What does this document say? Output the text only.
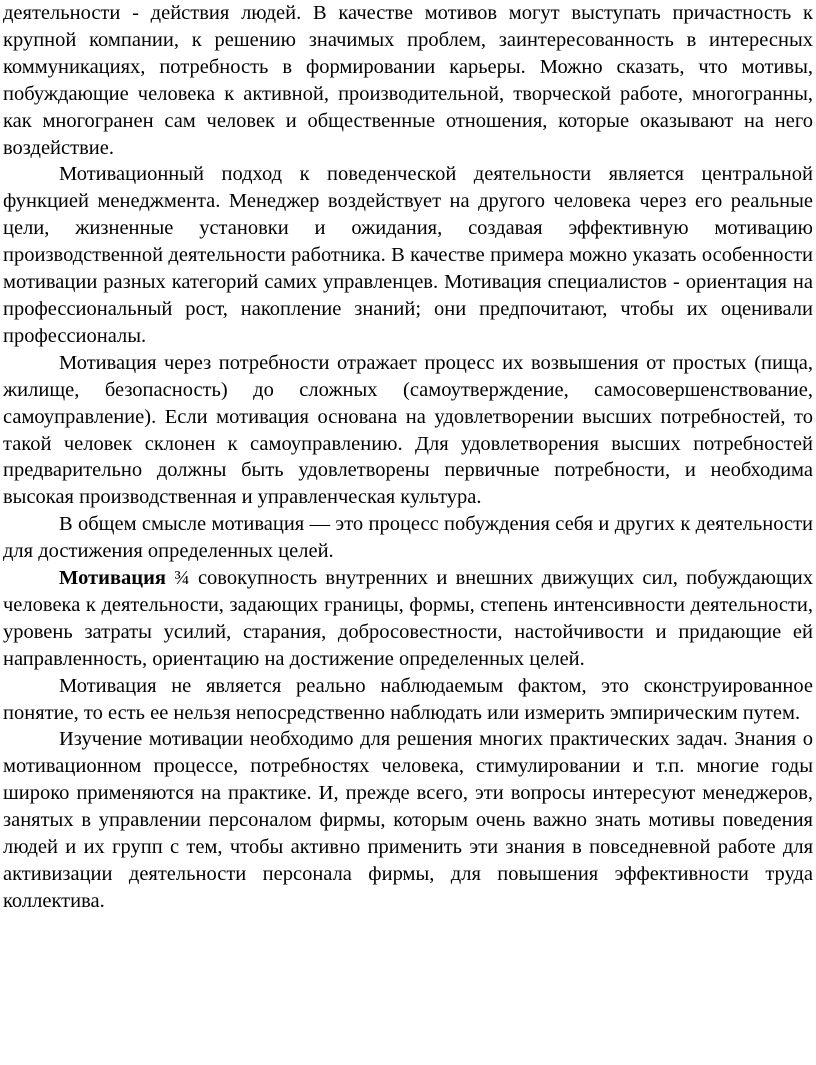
деятельности - действия людей. В качестве мотивов могут выступать причастность к крупной компании, к решению значимых проблем, заинтересованность в интересных коммуникациях, потребность в формировании карьеры. Можно сказать, что мотивы, побуждающие человека к активной, производительной, творческой работе, многогранны, как многогранен сам человек и общественные отношения, которые оказывают на него воздействие.

Мотивационный подход к поведенческой деятельности является центральной функцией менеджмента. Менеджер воздействует на другого человека через его реальные цели, жизненные установки и ожидания, создавая эффективную мотивацию производственной деятельности работника. В качестве примера можно указать особенности мотивации разных категорий самих управленцев. Мотивация специалистов - ориентация на профессиональный рост, накопление знаний; они предпочитают, чтобы их оценивали профессионалы.

Мотивация через потребности отражает процесс их возвышения от простых (пища, жилище, безопасность) до сложных (самоутверждение, самосовершенствование, самоуправление). Если мотивация основана на удовлетворении высших потребностей, то такой человек склонен к самоуправлению. Для удовлетворения высших потребностей предварительно должны быть удовлетворены первичные потребности, и необходима высокая производственная и управленческая культура.

В общем смысле мотивация — это процесс побуждения себя и других к деятельности для достижения определенных целей.

Мотивация ¾ совокупность внутренних и внешних движущих сил, побуждающих человека к деятельности, задающих границы, формы, степень интенсивности деятельности, уровень затраты усилий, старания, добросовестности, настойчивости и придающие ей направленность, ориентацию на достижение определенных целей.

Мотивация не является реально наблюдаемым фактом, это сконструированное понятие, то есть ее нельзя непосредственно наблюдать или измерить эмпирическим путем.

Изучение мотивации необходимо для решения многих практических задач. Знания о мотивационном процессе, потребностях человека, стимулировании и т.п. многие годы широко применяются на практике. И, прежде всего, эти вопросы интересуют менеджеров, занятых в управлении персоналом фирмы, которым очень важно знать мотивы поведения людей и их групп с тем, чтобы активно применить эти знания в повседневной работе для активизации деятельности персонала фирмы, для повышения эффективности труда коллектива.
